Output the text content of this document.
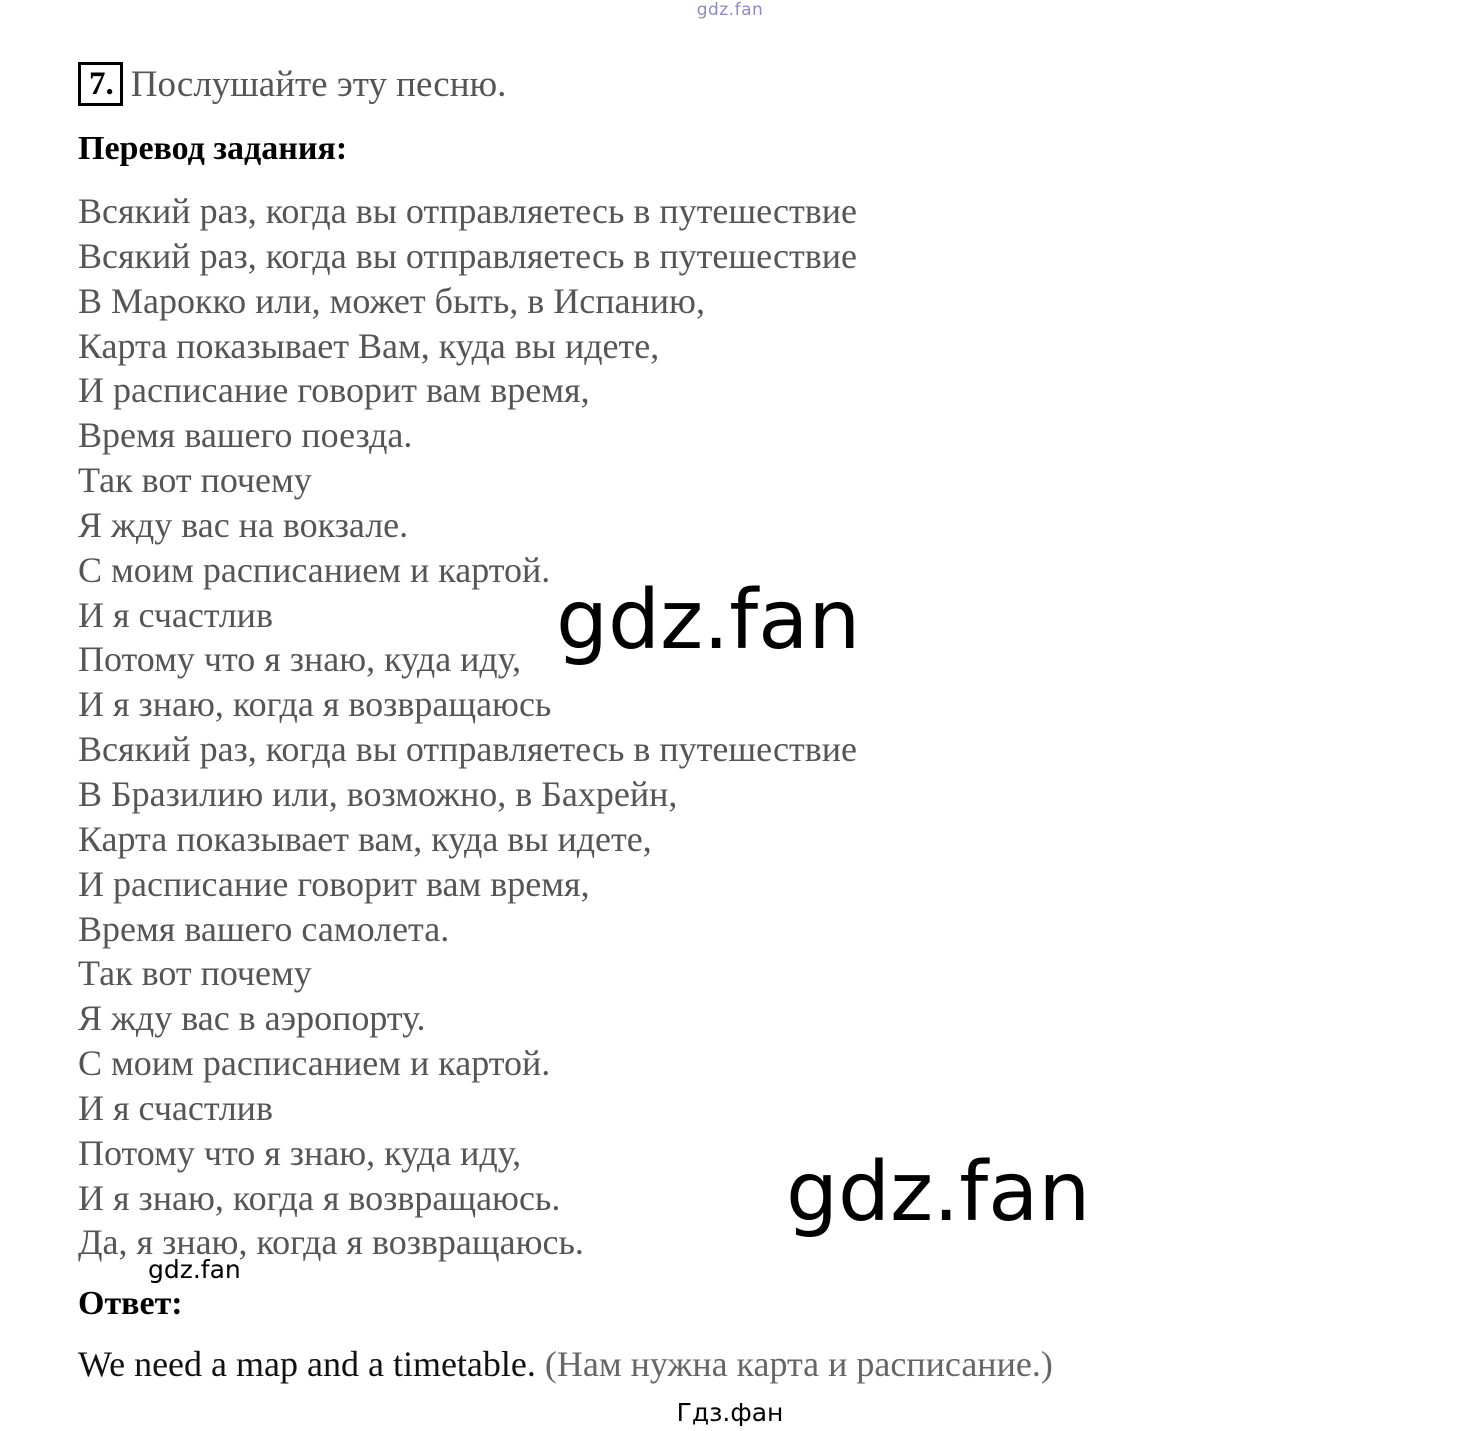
gdz.fan
7. Послушайте эту песню.
Перевод задания:
Всякий раз, когда вы отправляетесь в путешествие
Всякий раз, когда вы отправляетесь в путешествие
В Марокко или, может быть, в Испанию,
Карта показывает Вам, куда вы идете,
И расписание говорит вам время,
Время вашего поезда.
Так вот почему
Я жду вас на вокзале.
С моим расписанием и картой.
И я счастлив
Потому что я знаю, куда иду,
И я знаю, когда я возвращаюсь
Всякий раз, когда вы отправляетесь в путешествие
В Бразилию или, возможно, в Бахрейн,
Карта показывает вам, куда вы идете,
И расписание говорит вам время,
Время вашего самолета.
Так вот почему
Я жду вас в аэропорту.
С моим расписанием и картой.
И я счастлив
Потому что я знаю, куда иду,
И я знаю, когда я возвращаюсь.
Да, я знаю, когда я возвращаюсь.
Ответ:
We need a map and a timetable. (Нам нужна карта и расписание.)
gdz.fan
gdz.fan
gdz.fan
Гдз.фан
